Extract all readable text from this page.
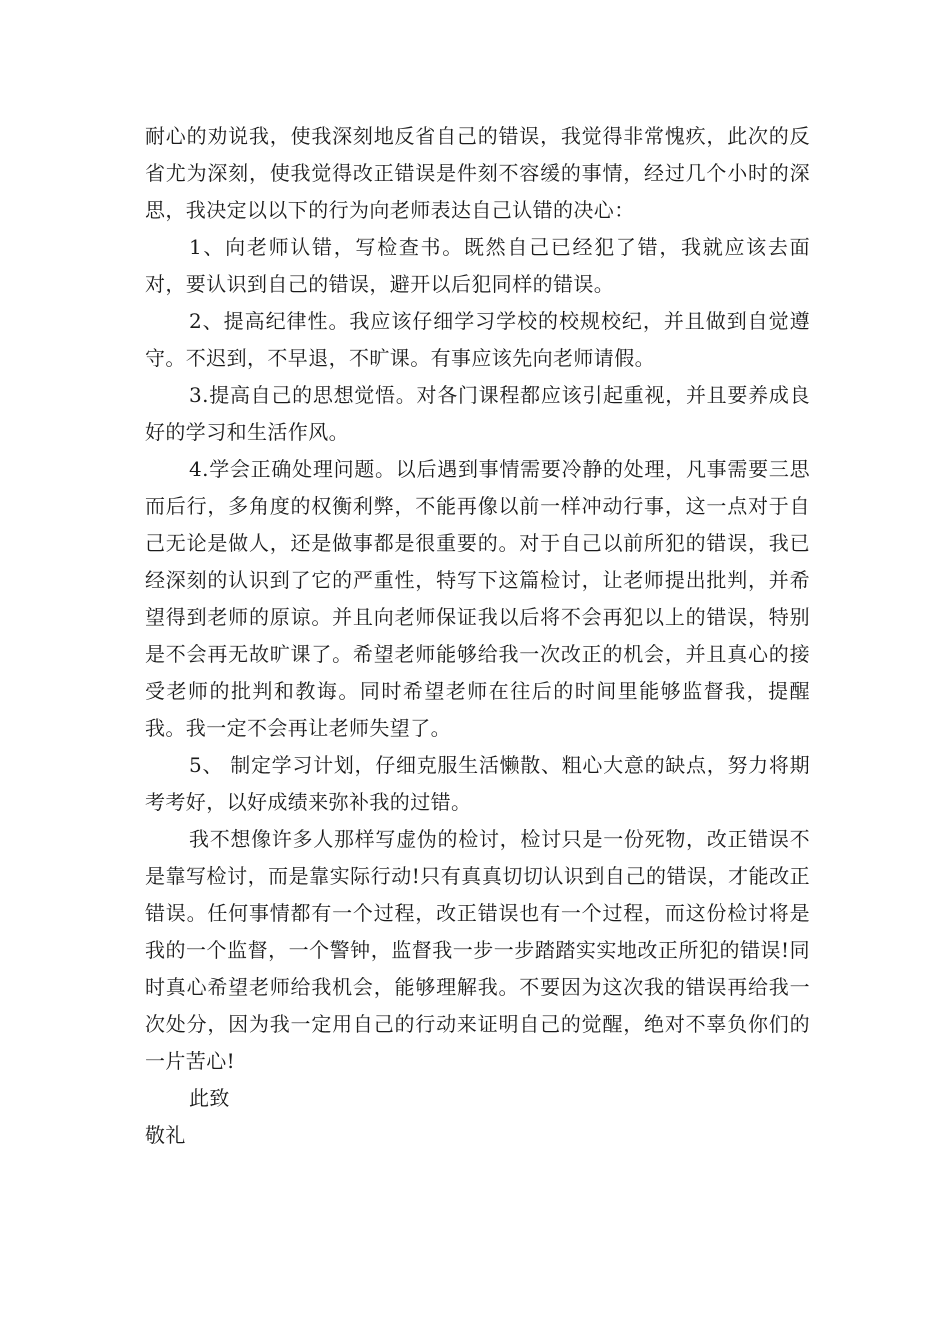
耐心的劝说我，使我深刻地反省自己的错误，我觉得非常愧疚，此次的反省尤为深刻，使我觉得改正错误是件刻不容缓的事情，经过几个小时的深思，我决定以以下的行为向老师表达自己认错的决心：

1、向老师认错，写检查书。既然自己已经犯了错，我就应该去面对，要认识到自己的错误，避开以后犯同样的错误。

2、提高纪律性。我应该仔细学习学校的校规校纪，并且做到自觉遵守。不迟到，不早退，不旷课。有事应该先向老师请假。

3.提高自己的思想觉悟。对各门课程都应该引起重视，并且要养成良好的学习和生活作风。

4.学会正确处理问题。以后遇到事情需要冷静的处理，凡事需要三思而后行，多角度的权衡利弊，不能再像以前一样冲动行事，这一点对于自己无论是做人，还是做事都是很重要的。对于自己以前所犯的错误，我已经深刻的认识到了它的严重性，特写下这篇检讨，让老师提出批判，并希望得到老师的原谅。并且向老师保证我以后将不会再犯以上的错误，特别是不会再无故旷课了。希望老师能够给我一次改正的机会，并且真心的接受老师的批判和教诲。同时希望老师在往后的时间里能够监督我，提醒我。我一定不会再让老师失望了。

5、 制定学习计划，仔细克服生活懒散、粗心大意的缺点，努力将期考考好，以好成绩来弥补我的过错。

我不想像许多人那样写虚伪的检讨，检讨只是一份死物，改正错误不是靠写检讨，而是靠实际行动!只有真真切切认识到自己的错误，才能改正错误。任何事情都有一个过程，改正错误也有一个过程，而这份检讨将是我的一个监督，一个警钟，监督我一步一步踏踏实实地改正所犯的错误!同时真心希望老师给我机会，能够理解我。不要因为这次我的错误再给我一次处分，因为我一定用自己的行动来证明自己的觉醒，绝对不辜负你们的一片苦心!

此致

敬礼
